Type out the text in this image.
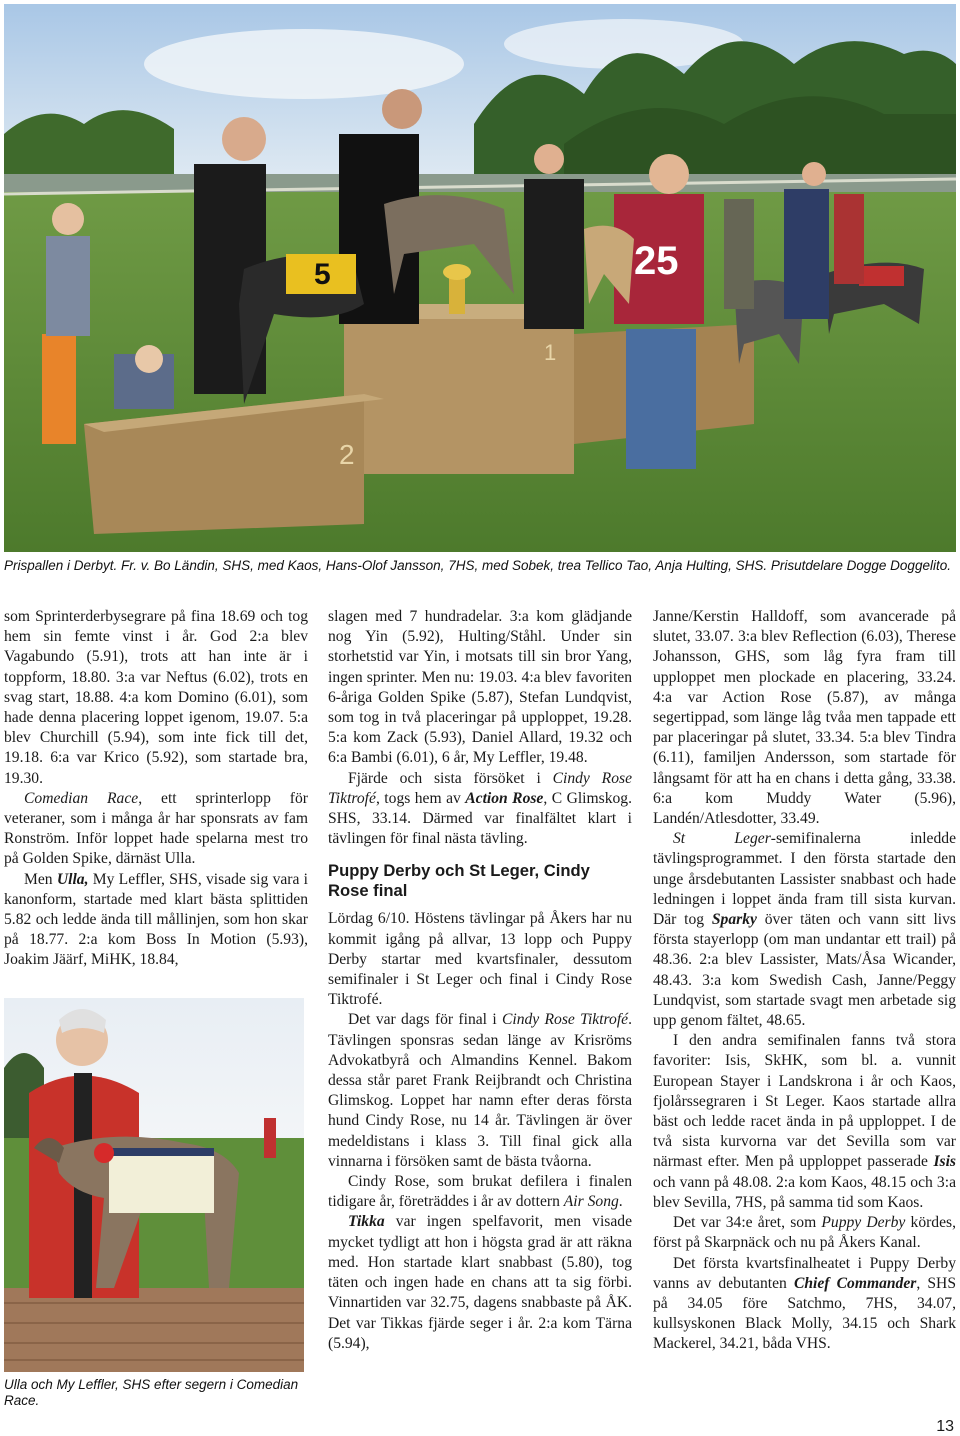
1
2
25
5
Prispallen i Derbyt. Fr. v. Bo Ländin, SHS, med Kaos, Hans-Olof Jansson, 7HS, med Sobek, trea Tellico Tao, Anja Hulting, SHS. Prisutdelare Dogge Doggelito.
Ulla och My Leffler, SHS efter segern i Comedian Race.

som Sprinterderbysegrare på fina 18.69 och tog hem sin femte vinst i år. God 2:a blev Vagabundo (5.91), trots att han inte är i toppform, 18.80. 3:a var Neftus (6.02), trots en svag start, 18.88. 4:a kom Domino (6.01), som hade denna placering loppet igenom, 19.07. 5:a blev Churchill (5.94), som inte fick till det, 19.18. 6:a var Krico (5.92), som startade bra, 19.30.

Comedian Race, ett sprinterlopp för veteraner, som i många år har sponsrats av fam Ronström. Inför loppet hade spelarna mest tro på Golden Spike, därnäst Ulla.

Men Ulla, My Leffler, SHS, visade sig vara i kanonform, startade med klart bästa splittiden 5.82 och ledde ända till mållinjen, som hon skar på 18.77. 2:a kom Boss In Motion (5.93), Joakim Jäärf, MiHK, 18.84,

slagen med 7 hundradelar. 3:a kom glädjande nog Yin (5.92), Hulting/Ståhl. Under sin storhetstid var Yin, i motsats till sin bror Yang, ingen sprinter. Men nu: 19.03. 4:a blev favoriten 6-åriga Golden Spike (5.87), Stefan Lundqvist, som tog in två placeringar på upploppet, 19.28. 5:a kom Zack (5.93), Daniel Allard, 19.32 och 6:a Bambi (6.01), 6 år, My Leffler, 19.48.

Fjärde och sista försöket i Cindy Rose Tiktrofé, togs hem av Action Rose, C Glimskog. SHS, 33.14. Därmed var finalfältet klart i tävlingen för final nästa tävling.

Puppy Derby och St Leger, Cindy Rose final

Lördag 6/10. Höstens tävlingar på Åkers har nu kommit igång på allvar, 13 lopp och Puppy Derby startar med kvartsfinaler, dessutom semifinaler i St Leger och final i Cindy Rose Tiktrofé.

Det var dags för final i Cindy Rose Tiktrofé. Tävlingen sponsras sedan länge av Krisröms Advokatbyrå och Almandins Kennel. Bakom dessa står paret Frank Reijbrandt och Christina Glimskog. Loppet har namn efter deras första hund Cindy Rose, nu 14 år. Tävlingen är över medeldistans i klass 3. Till final gick alla vinnarna i försöken samt de bästa tvåorna.

Cindy Rose, som brukat defilera i finalen tidigare år, företräddes i år av dottern Air Song.

Tikka var ingen spelfavorit, men visade mycket tydligt att hon i högsta grad är att räkna med. Hon startade klart snabbast (5.80), tog täten och ingen hade en chans att ta sig förbi. Vinnartiden var 32.75, dagens snabbaste på ÅK. Det var Tikkas fjärde seger i år. 2:a kom Tärna (5.94),

Janne/Kerstin Halldoff, som avancerade på slutet, 33.07. 3:a blev Reflection (6.03), Therese Johansson, GHS, som låg fyra fram till upploppet men plockade en placering, 33.24. 4:a var Action Rose (5.87), av många segertippad, som länge låg tvåa men tappade ett par placeringar på slutet, 33.34. 5:a blev Tindra (6.11), familjen Andersson, som startade för långsamt för att ha en chans i detta gång, 33.38. 6:a kom Muddy Water (5.96), Landén/Atlesdotter, 33.49.

St Leger-semifinalerna inledde tävlingsprogrammet. I den första startade den unge årsdebutanten Lassister snabbast och hade ledningen i loppet ända fram till sista kurvan. Där tog Sparky över täten och vann sitt livs första stayerlopp (om man undantar ett trail) på 48.36. 2:a blev Lassister, Mats/Åsa Wicander, 48.43. 3:a kom Swedish Cash, Janne/Peggy Lundqvist, som startade svagt men arbetade sig upp genom fältet, 48.65.

I den andra semifinalen fanns två stora favoriter: Isis, SkHK, som bl. a. vunnit European Stayer i Landskrona i år och Kaos, fjolårssegraren i St Leger. Kaos startade allra bäst och ledde racet ända in på upploppet. I de två sista kurvorna var det Sevilla som var närmast efter. Men på upploppet passerade Isis och vann på 48.08. 2:a kom Kaos, 48.15 och 3:a blev Sevilla, 7HS, på samma tid som Kaos.

Det var 34:e året, som Puppy Derby kördes, först på Skarpnäck och nu på Åkers Kanal.

Det första kvartsfinalheatet i Puppy Derby vanns av debutanten Chief Commander, SHS på 34.05 före Satchmo, 7HS, 34.07, kullsyskonen Black Molly, 34.15 och Shark Mackerel, 34.21, båda VHS.

13
